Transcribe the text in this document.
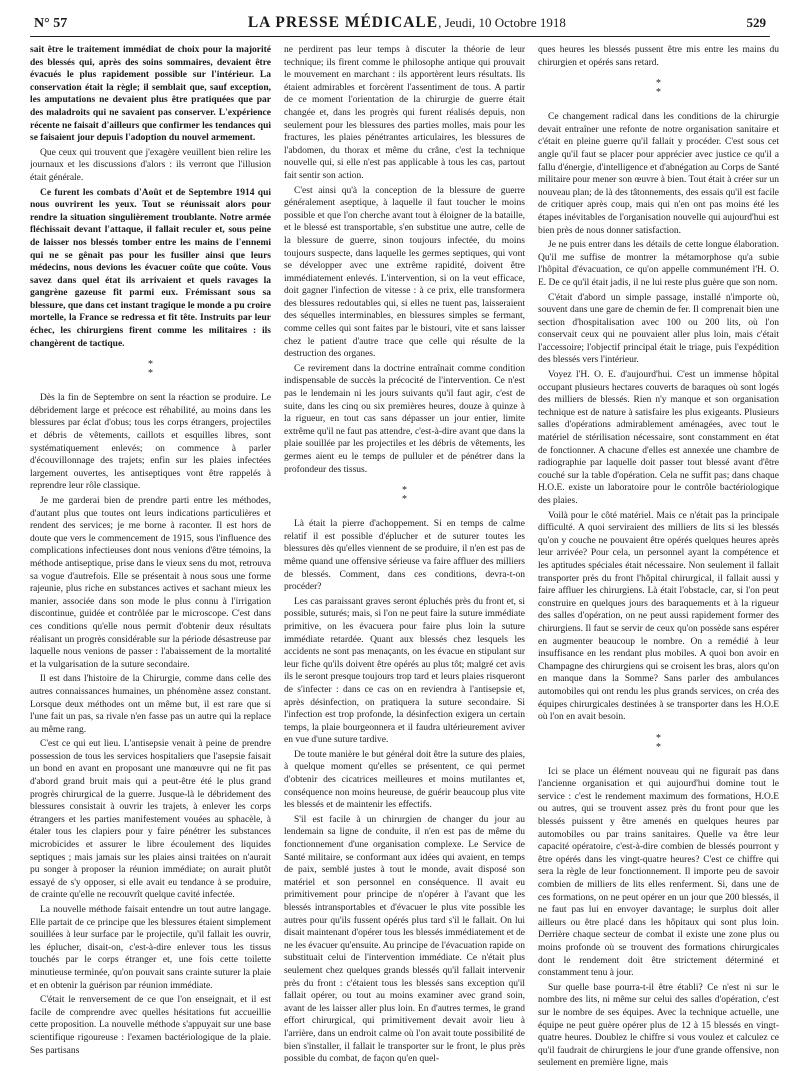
N° 57	LA PRESSE MÉDICALE, Jeudi, 10 Octobre 1918	529

sait être le traitement immédiat de choix pour la majorité des blessés qui, après des soins sommaires, devaient être évacués le plus rapidement possible sur l'intérieur. La conservation était la règle; il semblait que, sauf exception, les amputations ne devaient plus être pratiquées que par des maladroits qui ne savaient pas conserver. L'expérience récente ne faisait d'ailleurs que confirmer les tendances qui se faisaient jour depuis l'adoption du nouvel armement.

Que ceux qui trouvent que j'exagère veuillent bien relire les journaux et les discussions d'alors : ils verront que l'illusion était générale.

Ce furent les combats d'Août et de Septembre 1914 qui nous ouvrirent les yeux. Tout se réunissait alors pour rendre la situation singulièrement troublante. Notre armée fléchissait devant l'attaque, il fallait reculer et, sous peine de laisser nos blessés tomber entre les mains de l'ennemi qui ne se gênait pas pour les fusiller ainsi que leurs médecins, nous devions les évacuer coûte que coûte. Vous savez dans quel état ils arrivaient et quels ravages la gangrène gazeuse fit parmi eux. Frémissant sous sa blessure, que dans cet instant tragique le monde a pu croire mortelle, la France se redressa et fit tête. Instruits par leur échec, les chirurgiens firent comme les militaires : ils changèrent de tactique.

*
*

Dès la fin de Septembre on sent la réaction se produire. Le débridement large et précoce est réhabilité, au moins dans les blessures par éclat d'obus; tous les corps étrangers, projectiles et débris de vêtements, caillots et esquilles libres, sont systématiquement enlevés; on commence à parler d'écouvillonnage des trajets; enfin sur les plaies infectées largement ouvertes, les antiseptiques vont être rappelés à reprendre leur rôle classique.

Je me garderai bien de prendre parti entre les méthodes, d'autant plus que toutes ont leurs indications particulières et rendent des services; je me borne à raconter. Il est hors de doute que vers le commencement de 1915, sous l'influence des complications infectieuses dont nous venions d'être témoins, la méthode antiseptique, prise dans le vieux sens du mot, retrouva sa vogue d'autrefois. Elle se présentait à nous sous une forme rajeunie, plus riche en substances actives et sachant mieux les manier, associée dans son mode le plus connu à l'irrigation discontinue, guidée et contrôlée par le microscope. C'est dans ces conditions qu'elle nous permit d'obtenir deux résultats réalisant un progrès considérable sur la période désastreuse par laquelle nous venions de passer : l'abaissement de la mortalité et la vulgarisation de la suture secondaire.

Il est dans l'histoire de la Chirurgie, comme dans celle des autres connaissances humaines, un phénomène assez constant. Lorsque deux méthodes ont un même but, il est rare que si l'une fait un pas, sa rivale n'en fasse pas un autre qui la replace au même rang.

C'est ce qui eut lieu. L'antisepsie venait à peine de prendre possession de tous les services hospitaliers que l'asepsie faisait un bond en avant en proposant une manœuvre qui ne fit pas d'abord grand bruit mais qui a peut-être été le plus grand progrès chirurgical de la guerre. Jusque-là le débridement des blessures consistait à ouvrir les trajets, à enlever les corps étrangers et les parties manifestement vouées au sphacèle, à étaler tous les clapiers pour y faire pénétrer les substances microbicides et assurer le libre écoulement des liquides septiques ; mais jamais sur les plaies ainsi traitées on n'aurait pu songer à proposer la réunion immédiate; on aurait plutôt essayé de s'y opposer, si elle avait eu tendance à se produire, de crainte qu'elle ne recouvrît quelque cavité infectée.

La nouvelle méthode faisait entendre un tout autre langage. Elle partait de ce principe que les blessures étaient simplement souillées à leur surface par le projectile, qu'il fallait les ouvrir, les éplucher, disait-on, c'est-à-dire enlever tous les tissus touchés par le corps étranger et, une fois cette toilette minutieuse terminée, qu'on pouvait sans crainte suturer la plaie et en obtenir la guérison par réunion immédiate.

C'était le renversement de ce que l'on enseignait, et il est facile de comprendre avec quelles hésitations fut accueillie cette proposition. La nouvelle méthode s'appuyait sur une base scientifique rigoureuse : l'examen bactériologique de la plaie. Ses partisans

ne perdirent pas leur temps à discuter la théorie de leur technique; ils firent comme le philosophe antique qui prouvait le mouvement en marchant : ils apportèrent leurs résultats. Ils étaient admirables et forcèrent l'assentiment de tous. A partir de ce moment l'orientation de la chirurgie de guerre était changée et, dans les progrès qui furent réalisés depuis, non seulement pour les blessures des parties molles, mais pour les fractures, les plaies pénétrantes articulaires, les blessures de l'abdomen, du thorax et même du crâne, c'est la technique nouvelle qui, si elle n'est pas applicable à tous les cas, partout fait sentir son action.

C'est ainsi qu'à la conception de la blessure de guerre généralement aseptique, à laquelle il faut toucher le moins possible et que l'on cherche avant tout à éloigner de la bataille, et le blessé est transportable, s'en substitue une autre, celle de la blessure de guerre, sinon toujours infectée, du moins toujours suspecte, dans laquelle les germes septiques, qui vont se développer avec une extrême rapidité, doivent être immédiatement enlevés. L'intervention, si on la veut efficace, doit gagner l'infection de vitesse : à ce prix, elle transformera des blessures redoutables qui, si elles ne tuent pas, laisseraient des séquelles interminables, en blessures simples se fermant, comme celles qui sont faites par le bistouri, vite et sans laisser chez le patient d'autre trace que celle qui résulte de la destruction des organes.

Ce revirement dans la doctrine entraînait comme condition indispensable de succès la précocité de l'intervention. Ce n'est pas le lendemain ni les jours suivants qu'il faut agir, c'est de suite, dans les cinq ou six premières heures, douze à quinze à la rigueur, en tout cas sans dépasser un jour entier, limite extrême qu'il ne faut pas attendre, c'est-à-dire avant que dans la plaie souillée par les projectiles et les débris de vêtements, les germes aient eu le temps de pulluler et de pénétrer dans la profondeur des tissus.

*
*

Là était la pierre d'achoppement. Si en temps de calme relatif il est possible d'éplucher et de suturer toutes les blessures dès qu'elles viennent de se produire, il n'en est pas de même quand une offensive sérieuse va faire affluer des milliers de blessés. Comment, dans ces conditions, devra-t-on procéder?

Les cas paraissant graves seront épluchés près du front et, si possible, suturés; mais, si l'on ne peut faire la suture immédiate primitive, on les évacuera pour faire plus loin la suture immédiate retardée. Quant aux blessés chez lesquels les accidents ne sont pas menaçants, on les évacue en stipulant sur leur fiche qu'ils doivent être opérés au plus tôt; malgré cet avis ils le seront presque toujours trop tard et leurs plaies risqueront de s'infecter : dans ce cas on en reviendra à l'antisepsie et, après désinfection, on pratiquera la suture secondaire. Si l'infection est trop profonde, la désinfection exigera un certain temps, la plaie bourgeonnera et il faudra ultérieurement aviver en vue d'une suture tardive.

De toute manière le but général doit être la suture des plaies, à quelque moment qu'elles se présentent, ce qui permet d'obtenir des cicatrices meilleures et moins mutilantes et, conséquence non moins heureuse, de guérir beaucoup plus vite les blessés et de maintenir les effectifs.

S'il est facile à un chirurgien de changer du jour au lendemain sa ligne de conduite, il n'en est pas de même du fonctionnement d'une organisation complexe. Le Service de Santé militaire, se conformant aux idées qui avaient, en temps de paix, semblé justes à tout le monde, avait disposé son matériel et son personnel en conséquence. Il avait eu primitivement pour principe de n'opérer à l'avant que les blessés intransportables et d'évacuer le plus vite possible les autres pour qu'ils fussent opérés plus tard s'il le fallait. On lui disait maintenant d'opérer tous les blessés immédiatement et de ne les évacuer qu'ensuite. Au principe de l'évacuation rapide on substituait celui de l'intervention immédiate. Ce n'était plus seulement chez quelques grands blessés qu'il fallait intervenir près du front : c'étaient tous les blessés sans exception qu'il fallait opérer, ou tout au moins examiner avec grand soin, avant de les laisser aller plus loin. En d'autres termes, le grand effort chirurgical, qui primitivement devait avoir lieu à l'arrière, dans un endroit calme où l'on avait toute possibilité de bien s'installer, il fallait le transporter sur le front, le plus près possible du combat, de façon qu'en quel-

ques heures les blessés pussent être mis entre les mains du chirurgien et opérés sans retard.

*
*

Ce changement radical dans les conditions de la chirurgie devait entraîner une refonte de notre organisation sanitaire et c'était en pleine guerre qu'il fallait y procéder. C'est sous cet angle qu'il faut se placer pour apprécier avec justice ce qu'il a fallu d'énergie, d'intelligence et d'abnégation au Corps de Santé militaire pour mener son œuvre à bien. Tout était à créer sur un nouveau plan; de là des tâtonnements, des essais qu'il est facile de critiquer après coup, mais qui n'en ont pas moins été les étapes inévitables de l'organisation nouvelle qui aujourd'hui est bien près de nous donner satisfaction.

Je ne puis entrer dans les détails de cette longue élaboration. Qu'il me suffise de montrer la métamorphose qu'a subie l'hôpital d'évacuation, ce qu'on appelle communément l'H. O. E. De ce qu'il était jadis, il ne lui reste plus guère que son nom.

C'était d'abord un simple passage, installé n'importe où, souvent dans une gare de chemin de fer. Il comprenait bien une section d'hospitalisation avec 100 ou 200 lits, où l'on conservait ceux qui ne pouvaient aller plus loin, mais c'était l'accessoire; l'objectif principal était le triage, puis l'expédition des blessés vers l'intérieur.

Voyez l'H. O. E. d'aujourd'hui. C'est un immense hôpital occupant plusieurs hectares couverts de baraques où sont logés des milliers de blessés. Rien n'y manque et son organisation technique est de nature à satisfaire les plus exigeants. Plusieurs salles d'opérations admirablement aménagées, avec tout le matériel de stérilisation nécessaire, sont constamment en état de fonctionner. A chacune d'elles est annexée une chambre de radiographie par laquelle doit passer tout blessé avant d'être couché sur la table d'opération. Cela ne suffit pas; dans chaque H.O.E. existe un laboratoire pour le contrôle bactériologique des plaies.

Voilà pour le côté matériel. Mais ce n'était pas la principale difficulté. A quoi serviraient des milliers de lits si les blessés qu'on y couche ne pouvaient être opérés quelques heures après leur arrivée? Pour cela, un personnel ayant la compétence et les aptitudes spéciales était nécessaire. Non seulement il fallait transporter près du front l'hôpital chirurgical, il fallait aussi y faire affluer les chirurgiens. Là était l'obstacle, car, si l'on peut construire en quelques jours des baraquements et à la rigueur des salles d'opération, on ne peut aussi rapidement former des chirurgiens. Il faut se servir de ceux qu'on possède sans espérer en augmenter beaucoup le nombre. On a remédié à leur insuffisance en les rendant plus mobiles. A quoi bon avoir en Champagne des chirurgiens qui se croisent les bras, alors qu'on en manque dans la Somme? Sans parler des ambulances automobiles qui ont rendu les plus grands services, on créa des équipes chirurgicales destinées à se transporter dans les H.O.E où l'on en avait besoin.

*
*

Ici se place un élément nouveau qui ne figurait pas dans l'ancienne organisation et qui aujourd'hui domine tout le service : c'est le rendement maximum des formations, H.O.E ou autres, qui se trouvent assez près du front pour que les blessés puissent y être amenés en quelques heures par automobiles ou par trains sanitaires. Quelle va être leur capacité opératoire, c'est-à-dire combien de blessés pourront y être opérés dans les vingt-quatre heures? C'est ce chiffre qui sera la règle de leur fonctionnement. Il importe peu de savoir combien de milliers de lits elles renferment. Si, dans une de ces formations, on ne peut opérer en un jour que 200 blessés, il ne faut pas lui en envoyer davantage; le surplus doit aller ailleurs ou être placé dans les hôpitaux qui sont plus loin. Derrière chaque secteur de combat il existe une zone plus ou moins profonde où se trouvent des formations chirurgicales dont le rendement doit être strictement déterminé et constamment tenu à jour.

Sur quelle base pourra-t-il être établi? Ce n'est ni sur le nombre des lits, ni même sur celui des salles d'opération, c'est sur le nombre de ses équipes. Avec la technique actuelle, une équipe ne peut guère opérer plus de 12 à 15 blessés en vingt-quatre heures. Doublez le chiffre si vous voulez et calculez ce qu'il faudrait de chirurgiens le jour d'une grande offensive, non seulement en première ligne, mais
